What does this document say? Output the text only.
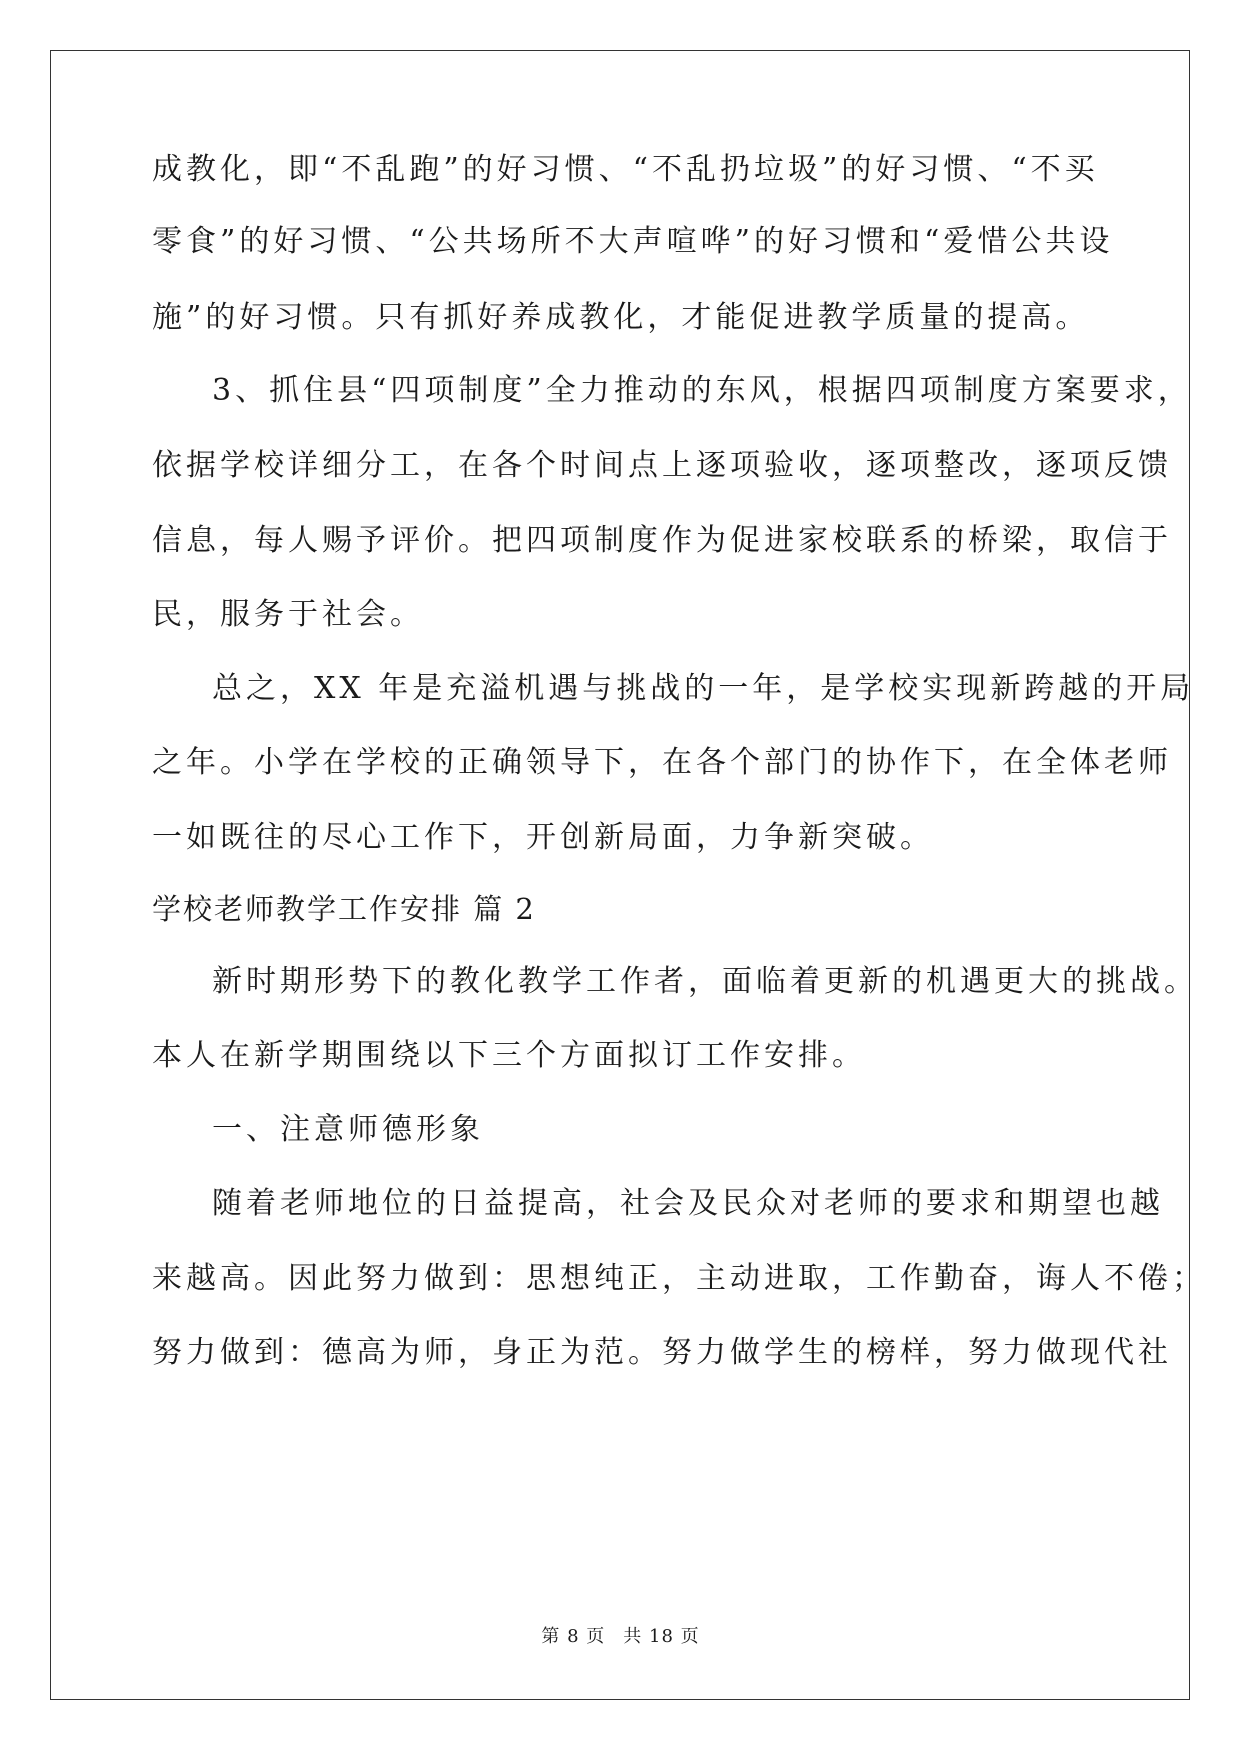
成教化，即“不乱跑”的好习惯、“不乱扔垃圾”的好习惯、“不买
零食”的好习惯、“公共场所不大声喧哗”的好习惯和“爱惜公共设
施”的好习惯。只有抓好养成教化，才能促进教学质量的提高。
3、抓住县“四项制度”全力推动的东风，根据四项制度方案要求，
依据学校详细分工，在各个时间点上逐项验收，逐项整改，逐项反馈
信息，每人赐予评价。把四项制度作为促进家校联系的桥梁，取信于
民，服务于社会。
总之，XX 年是充溢机遇与挑战的一年，是学校实现新跨越的开局
之年。小学在学校的正确领导下，在各个部门的协作下，在全体老师
一如既往的尽心工作下，开创新局面，力争新突破。
学校老师教学工作安排 篇 2
新时期形势下的教化教学工作者，面临着更新的机遇更大的挑战。
本人在新学期围绕以下三个方面拟订工作安排。
一、注意师德形象
随着老师地位的日益提高，社会及民众对老师的要求和期望也越
来越高。因此努力做到：思想纯正，主动进取，工作勤奋，诲人不倦；
努力做到：德高为师，身正为范。努力做学生的榜样，努力做现代社
第 8 页 共 18 页
